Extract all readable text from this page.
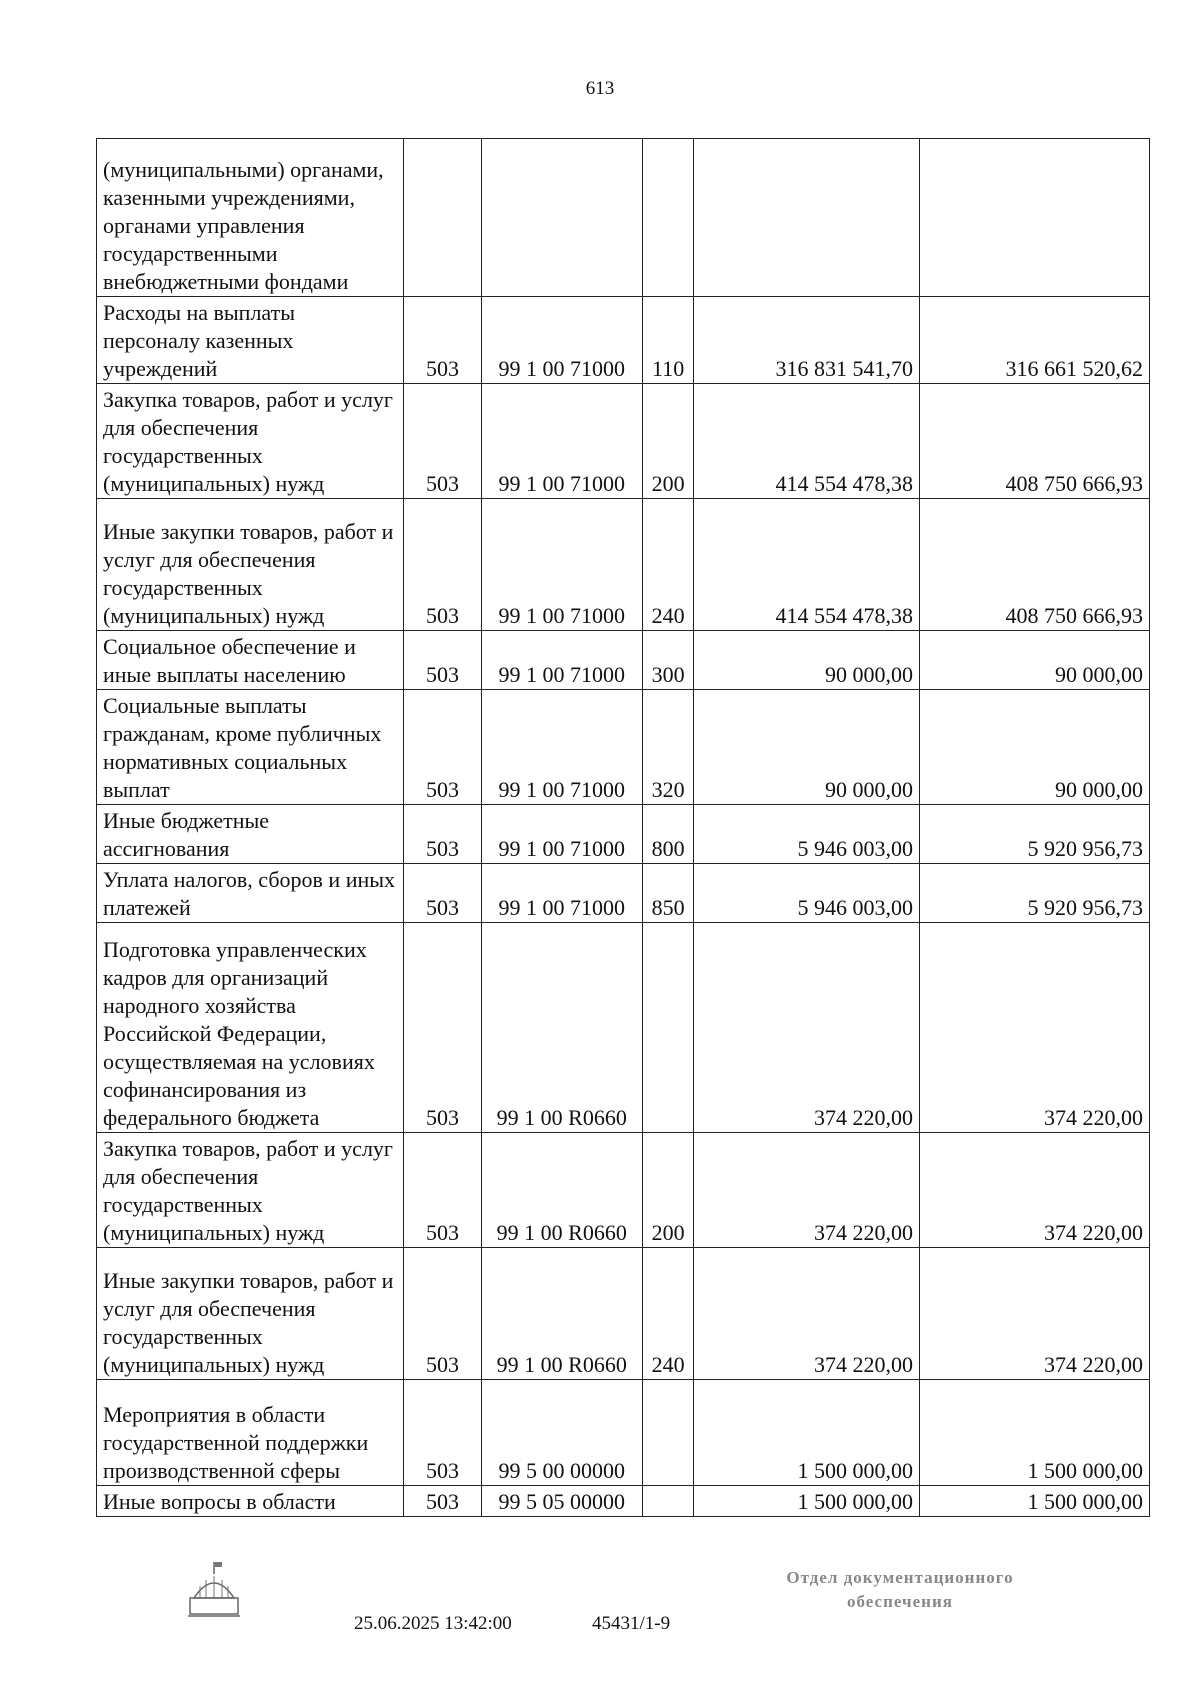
613
(муниципальными) органами, казенными учреждениями, органами управления государственными внебюджетными фондами					
Расходы на выплаты персоналу казенных учреждений	503	99 1 00 71000	110	316 831 541,70	316 661 520,62
Закупка товаров, работ и услуг для обеспечения государственных (муниципальных) нужд	503	99 1 00 71000	200	414 554 478,38	408 750 666,93
Иные закупки товаров, работ и услуг для обеспечения государственных (муниципальных) нужд	503	99 1 00 71000	240	414 554 478,38	408 750 666,93
Социальное обеспечение и иные выплаты населению	503	99 1 00 71000	300	90 000,00	90 000,00
Социальные выплаты гражданам, кроме публичных нормативных социальных выплат	503	99 1 00 71000	320	90 000,00	90 000,00
Иные бюджетные ассигнования	503	99 1 00 71000	800	5 946 003,00	5 920 956,73
Уплата налогов, сборов и иных платежей	503	99 1 00 71000	850	5 946 003,00	5 920 956,73
Подготовка управленческих кадров для организаций народного хозяйства Российской Федерации, осуществляемая на условиях софинансирования из федерального бюджета	503	99 1 00 R0660		374 220,00	374 220,00
Закупка товаров, работ и услуг для обеспечения государственных (муниципальных) нужд	503	99 1 00 R0660	200	374 220,00	374 220,00
Иные закупки товаров, работ и услуг для обеспечения государственных (муниципальных) нужд	503	99 1 00 R0660	240	374 220,00	374 220,00
Мероприятия в области государственной поддержки производственной сферы	503	99 5 00 00000		1 500 000,00	1 500 000,00
Иные вопросы в области	503	99 5 05 00000		1 500 000,00	1 500 000,00
25.06.2025 13:42:00	45431/1-9
Отдел документационного
обеспечения
